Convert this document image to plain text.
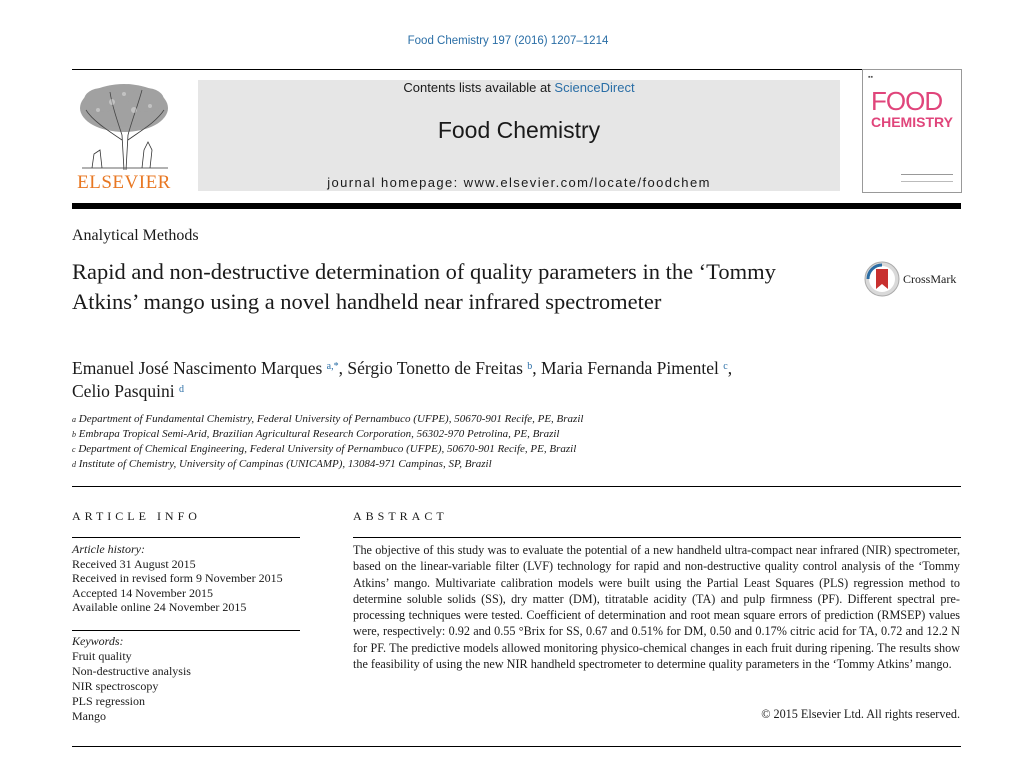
Food Chemistry 197 (2016) 1207–1214
ELSEVIER
Contents lists available at ScienceDirect
Food Chemistry
journal homepage: www.elsevier.com/locate/foodchem
▪▪
FOOD
CHEMISTRY
Analytical Methods
Rapid and non-destructive determination of quality parameters in the ‘Tommy Atkins’ mango using a novel handheld near infrared spectrometer
CrossMark
Emanuel José Nascimento Marques $^{a,*}$, Sérgio Tonetto de Freitas $^b$, Maria Fernanda Pimentel $^c$,
Celio Pasquini $^d$
$^a$ Department of Fundamental Chemistry, Federal University of Pernambuco (UFPE), 50670-901 Recife, PE, Brazil
$^b$ Embrapa Tropical Semi-Arid, Brazilian Agricultural Research Corporation, 56302-970 Petrolina, PE, Brazil
$^c$ Department of Chemical Engineering, Federal University of Pernambuco (UFPE), 50670-901 Recife, PE, Brazil
$^d$ Institute of Chemistry, University of Campinas (UNICAMP), 13084-971 Campinas, SP, Brazil
ARTICLE INFO	ABSTRACT
Article history:
Received 31 August 2015
Received in revised form 9 November 2015
Accepted 14 November 2015
Available online 24 November 2015
Keywords:
Fruit quality
Non-destructive analysis
NIR spectroscopy
PLS regression
Mango
The objective of this study was to evaluate the potential of a new handheld ultra-compact near infrared (NIR) spectrometer, based on the linear-variable filter (LVF) technology for rapid and non-destructive quality control analysis of the ‘Tommy Atkins’ mango. Multivariate calibration models were built using the Partial Least Squares (PLS) regression method to determine soluble solids (SS), dry matter (DM), titratable acidity (TA) and pulp firmness (PF). Different spectral pre-processing techniques were tested. Coefficient of determination and root mean square errors of prediction (RMSEP) values were, respectively: 0.92 and 0.55 °Brix for SS, 0.67 and 0.51% for DM, 0.50 and 0.17% citric acid for TA, 0.72 and 12.2 N for PF. The predictive models allowed monitoring physico-chemical changes in each fruit during ripening. The results show the feasibility of using the new NIR handheld spectrometer to determine quality parameters in the ‘Tommy Atkins’ mango.
© 2015 Elsevier Ltd. All rights reserved.
